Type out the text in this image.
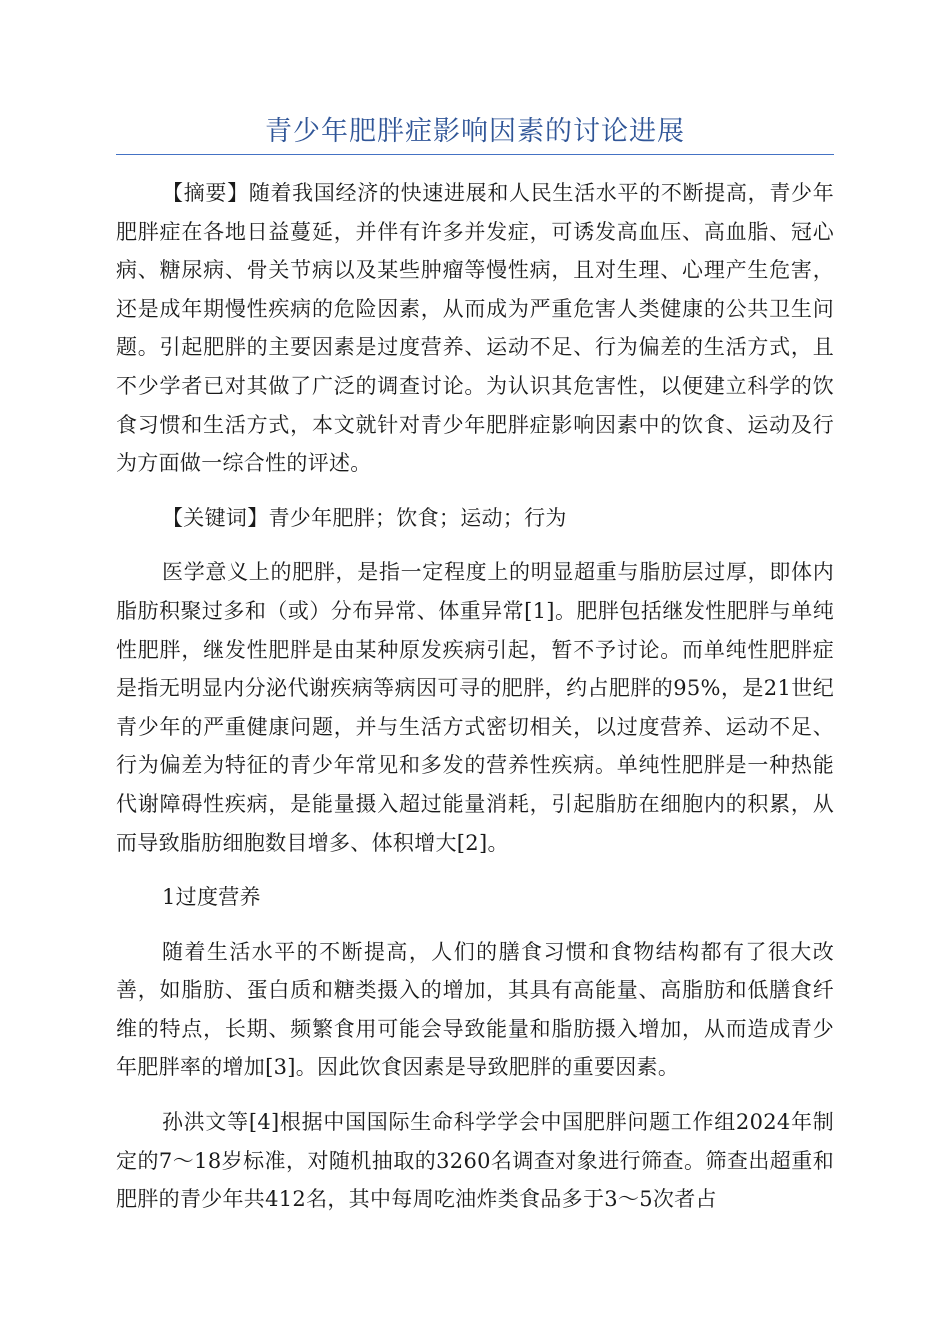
青少年肥胖症影响因素的讨论进展

【摘要】随着我国经济的快速进展和人民生活水平的不断提高，青少年肥胖症在各地日益蔓延，并伴有许多并发症，可诱发高血压、高血脂、冠心病、糖尿病、骨关节病以及某些肿瘤等慢性病，且对生理、心理产生危害，还是成年期慢性疾病的危险因素，从而成为严重危害人类健康的公共卫生问题。引起肥胖的主要因素是过度营养、运动不足、行为偏差的生活方式，且不少学者已对其做了广泛的调查讨论。为认识其危害性，以便建立科学的饮食习惯和生活方式，本文就针对青少年肥胖症影响因素中的饮食、运动及行为方面做一综合性的评述。

【关键词】青少年肥胖；饮食；运动；行为

医学意义上的肥胖，是指一定程度上的明显超重与脂肪层过厚，即体内脂肪积聚过多和（或）分布异常、体重异常[1]。肥胖包括继发性肥胖与单纯性肥胖，继发性肥胖是由某种原发疾病引起，暂不予讨论。而单纯性肥胖症是指无明显内分泌代谢疾病等病因可寻的肥胖，约占肥胖的95%，是21世纪青少年的严重健康问题，并与生活方式密切相关，以过度营养、运动不足、行为偏差为特征的青少年常见和多发的营养性疾病。单纯性肥胖是一种热能代谢障碍性疾病，是能量摄入超过能量消耗，引起脂肪在细胞内的积累，从而导致脂肪细胞数目增多、体积增大[2]。

1过度营养

随着生活水平的不断提高，人们的膳食习惯和食物结构都有了很大改善，如脂肪、蛋白质和糖类摄入的增加，其具有高能量、高脂肪和低膳食纤维的特点，长期、频繁食用可能会导致能量和脂肪摄入增加，从而造成青少年肥胖率的增加[3]。因此饮食因素是导致肥胖的重要因素。

孙洪文等[4]根据中国国际生命科学学会中国肥胖问题工作组2024年制定的7～18岁标准，对随机抽取的3260名调查对象进行筛查。筛查出超重和肥胖的青少年共412名，其中每周吃油炸类食品多于3～5次者占
